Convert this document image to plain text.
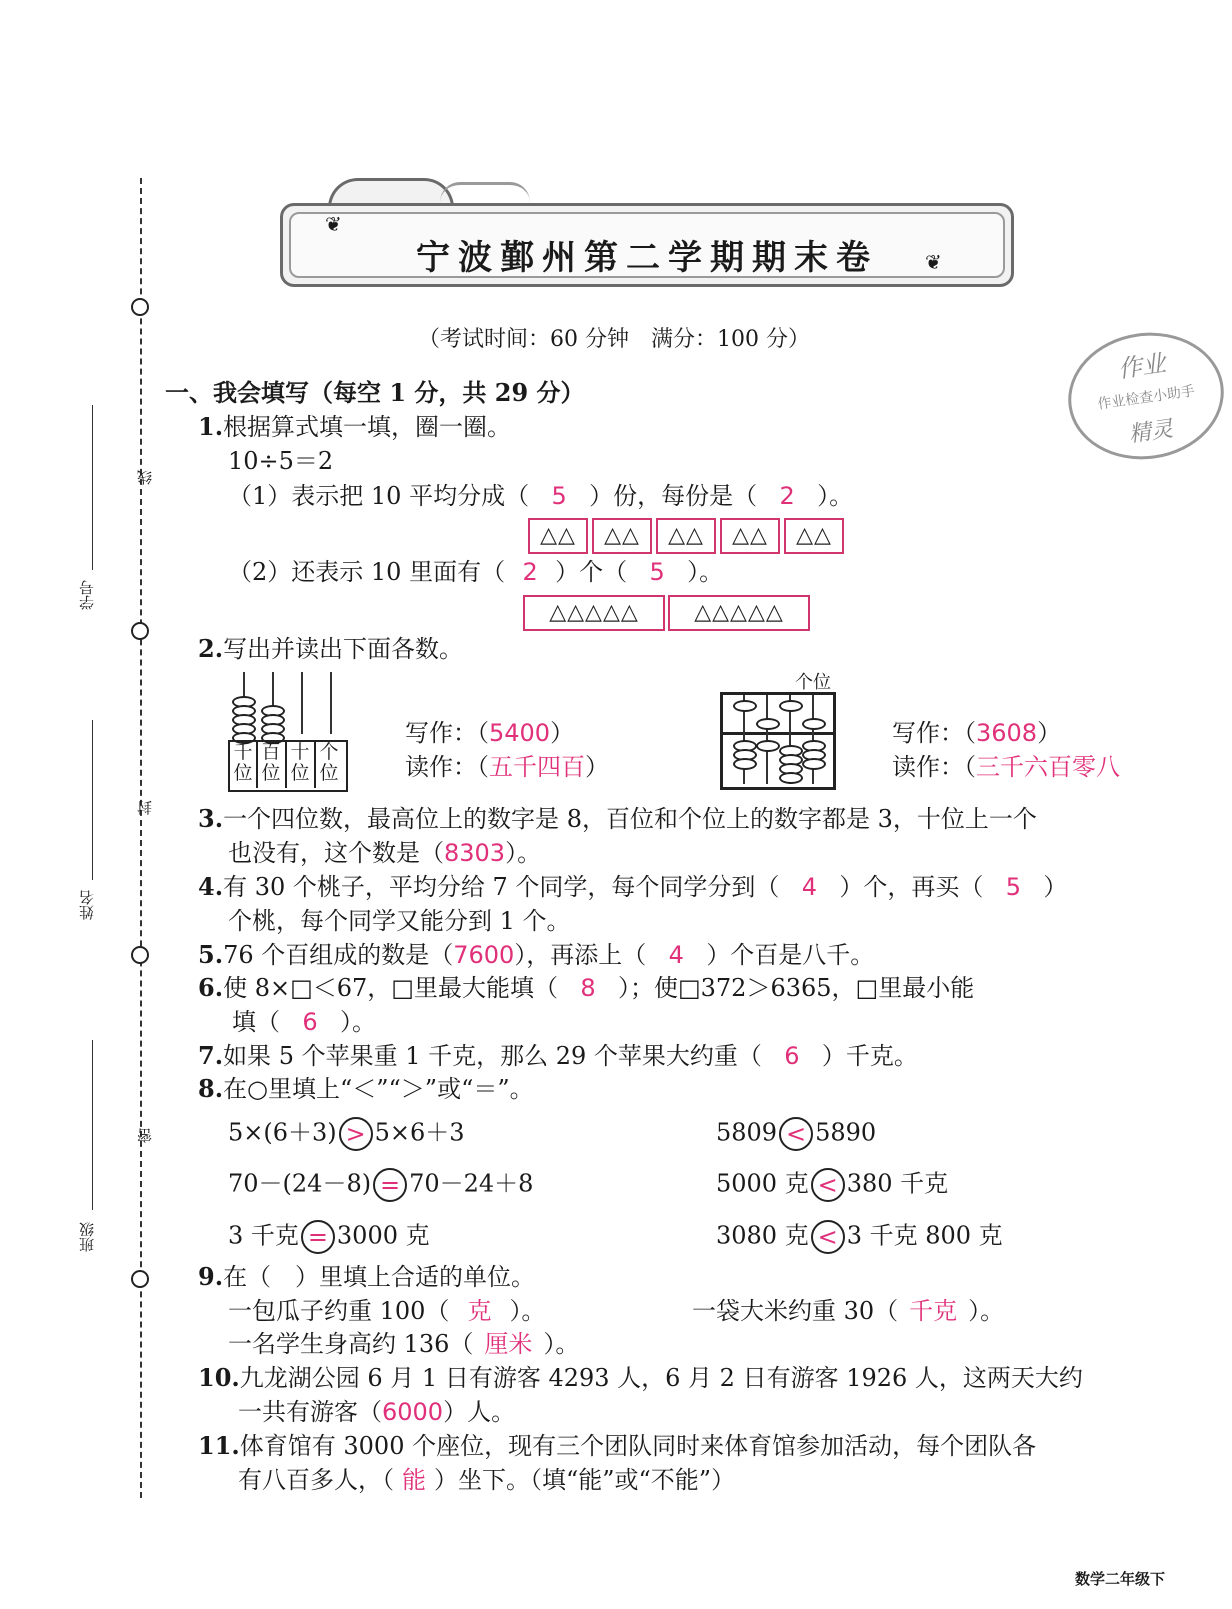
线
封
密
学号
姓名
班级
宁波鄞州第二学期期末卷
❦
❦
（考试时间：60 分钟　满分：100 分）
作业
作业检查小助手
精灵
一、我会填写（每空 1 分，共 29 分）
1.根据算式填一填，圈一圈。
10÷5＝2
（1）表示把 10 平均分成（ 5 ）份，每份是（ 2 ）。
△△	△△	△△	△△	△△
（2）还表示 10 里面有（ 2 ）个（ 5 ）。
△△△△△	△△△△△
2.写出并读出下面各数。
千位
百位
十位
个位
写作：（5400）
读作：（五千四百）
个位
写作：（3608）
读作：（三千六百零八
3.一个四位数，最高位上的数字是 8，百位和个位上的数字都是 3，十位上一个
也没有，这个数是（8303）。
4.有 30 个桃子，平均分给 7 个同学，每个同学分到（ 4 ）个，再买（ 5 ）
个桃，每个同学又能分到 1 个。
5.76 个百组成的数是（7600），再添上（ 4 ）个百是八千。
6.使 8×□＜67，□里最大能填（ 8 ）；使□372＞6365，□里最小能
填（ 6 ）。
7.如果 5 个苹果重 1 千克，那么 29 个苹果大约重（ 6 ）千克。
8.在○里填上“＜”“＞”或“＝”。
5×(6＋3) > 5×6＋3	5809 < 5890
70－(24－8) = 70－24＋8	5000 克 < 380 千克
3 千克 = 3000 克	3080 克 < 3 千克 800 克
9.在（　）里填上合适的单位。
一包瓜子约重 100（ 克 ）。	一袋大米约重 30（ 千克 ）。
一名学生身高约 136（ 厘米 ）。
10.九龙湖公园 6 月 1 日有游客 4293 人，6 月 2 日有游客 1926 人，这两天大约
一共有游客（6000）人。
11.体育馆有 3000 个座位，现有三个团队同时来体育馆参加活动，每个团队各
有八百多人，（ 能 ）坐下。（填“能”或“不能”）
数学二年级下
